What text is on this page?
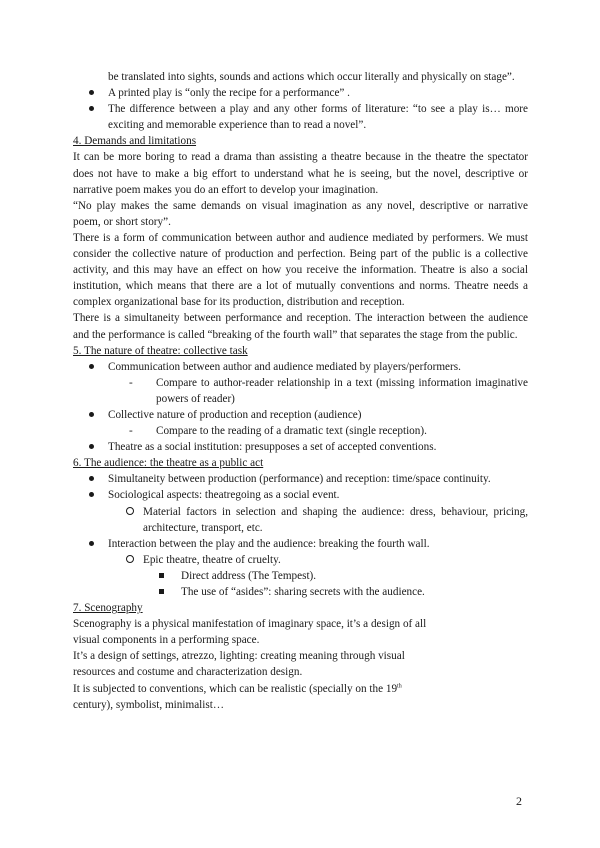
be translated into sights, sounds and actions which occur literally and physically on stage”.

A printed play is “only the recipe for a performance” .
The difference between a play and any other forms of literature: “to see a play is… more exciting and memorable experience than to read a novel”.

4. Demands and limitations

It can be more boring to read a drama than assisting a theatre because in the theatre the spectator does not have to make a big effort to understand what he is seeing, but the novel, descriptive or narrative poem makes you do an effort to develop your imagination.

“No play makes the same demands on visual imagination as any novel, descriptive or narrative poem, or short story”.

There is a form of communication between author and audience mediated by performers. We must consider the collective nature of production and perfection. Being part of the public is a collective activity, and this may have an effect on how you receive the information. Theatre is also a social institution, which means that there are a lot of mutually conventions and norms. Theatre needs a complex organizational base for its production, distribution and reception.

There is a simultaneity between performance and reception. The interaction between the audience and the performance is called “breaking of the fourth wall” that separates the stage from the public.

5. The nature of theatre: collective task

Communication between author and audience mediated by players/performers.
- Compare to author-reader relationship in a text (missing information imaginative powers of reader)
Collective nature of production and reception (audience)
- Compare to the reading of a dramatic text (single reception).
Theatre as a social institution: presupposes a set of accepted conventions.

6. The audience: the theatre as a public act

Simultaneity between production (performance) and reception: time/space continuity.
Sociological aspects: theatregoing as a social event.
Material factors in selection and shaping the audience: dress, behaviour, pricing, architecture, transport, etc.
Interaction between the play and the audience: breaking the fourth wall.
Epic theatre, theatre of cruelty.
Direct address (The Tempest).
The use of “asides”: sharing secrets with the audience.

7. Scenography

Scenography is a physical manifestation of imaginary space, it’s a design of all
visual components in a performing space.
It’s a design of settings, atrezzo, lighting: creating meaning through visual
resources and costume and characterization design.
It is subjected to conventions, which can be realistic (specially on the 19th
century), symbolist, minimalist…
2
